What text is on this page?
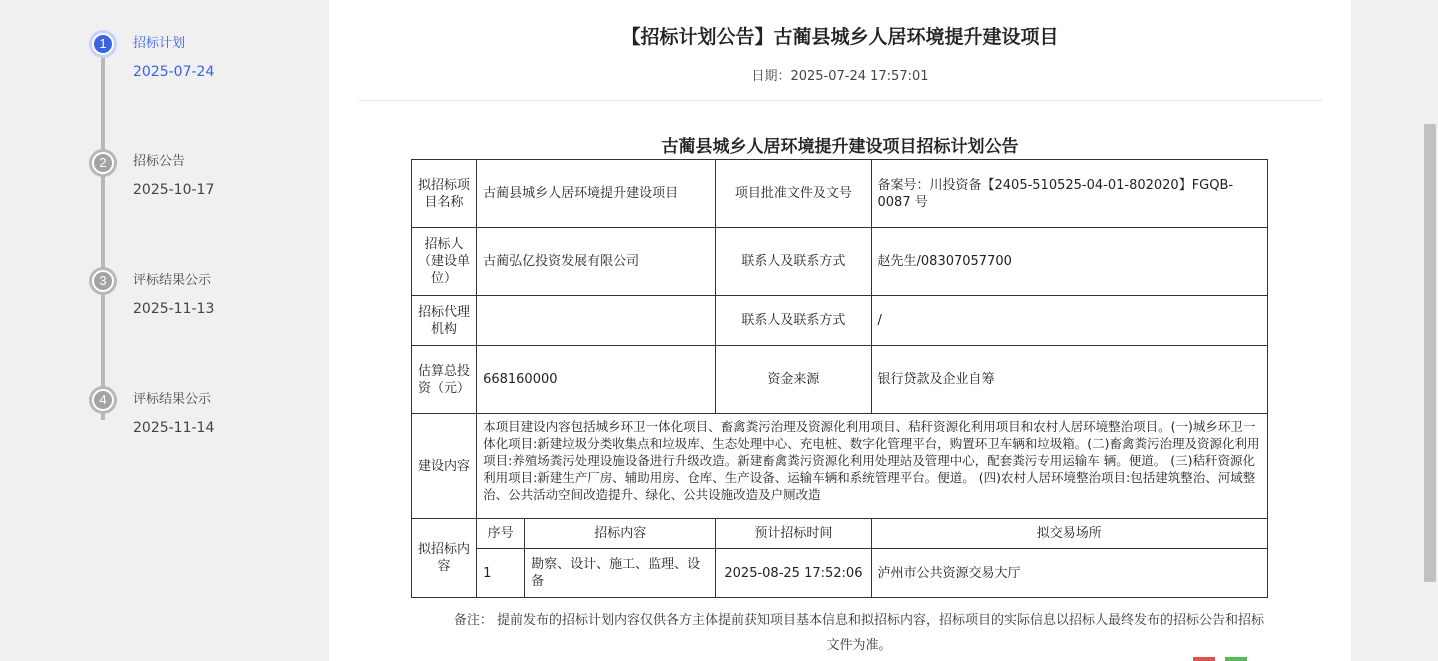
1	招标计划
2025-07-24
2	招标公告
2025-10-17
3	评标结果公示
2025-11-13
4	评标结果公示
2025-11-14
【招标计划公告】古蔺县城乡人居环境提升建设项目
日期：2025-07-24 17:57:01
古蔺县城乡人居环境提升建设项目招标计划公告
拟招标项目名称	古蔺县城乡人居环境提升建设项目		项目批准文件及文号	备案号：川投资备【2405-510525-04-01-802020】FGQB-0087 号
招标人（建设单位）	古蔺弘亿投资发展有限公司		联系人及联系方式	赵先生/08307057700
招标代理机构			联系人及联系方式	/
估算总投资（元）	668160000		资金来源	银行贷款及企业自筹
建设内容	本项目建设内容包括城乡环卫一体化项目、畜禽粪污治理及资源化利用项目、秸秆资源化利用项目和农村人居环境整治项目。(一)城乡环卫一体化项目:新建垃圾分类收集点和垃圾库、生态处理中心、充电桩、数字化管理平台，购置环卫车辆和垃圾箱。(二)畜禽粪污治理及资源化利用项目:养殖场粪污处理设施设备进行升级改造。新建畜禽粪污资源化利用处理站及管理中心，配套粪污专用运输车 辆。便道。 (三)秸秆资源化利用项目:新建生产厂房、辅助用房、仓库、生产设备、运输车辆和系统管理平台。便道。 (四)农村人居环境整治项目:包括建筑整治、河域整治、公共活动空间改造提升、绿化、公共设施改造及户厕改造			

拟招标内容	序号	招标内容	预计招标时间	拟交易场所
	1	勘察、设计、施工、监理、设备	2025-08-25 17:52:06	泸州市公共资源交易大厅
备注： 提前发布的招标计划内容仅供各方主体提前获知项目基本信息和拟招标内容，招标项目的实际信息以招标人最终发布的招标公告和招标文件为准。
